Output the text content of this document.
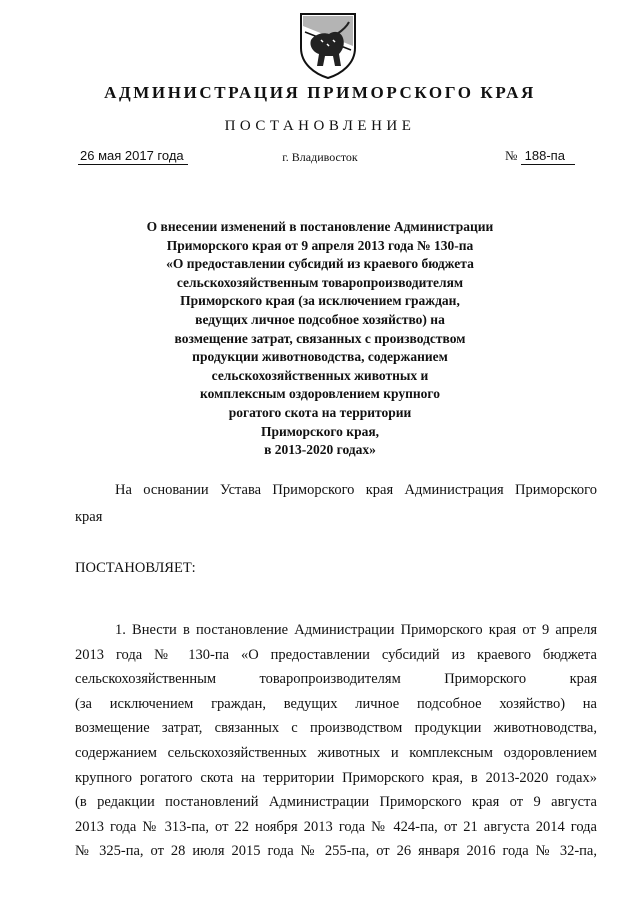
АДМИНИСТРАЦИЯ ПРИМОРСКОГО КРАЯ
ПОСТАНОВЛЕНИЕ
26 мая 2017 года	г. Владивосток	№ 188-па
О внесении изменений в постановление Администрации
Приморского края от 9 апреля 2013 года № 130-па
«О предоставлении субсидий из краевого бюджета
сельскохозяйственным товаропроизводителям
Приморского края (за исключением граждан,
ведущих личное подсобное хозяйство) на
возмещение затрат, связанных с производством
продукции животноводства, содержанием
сельскохозяйственных животных и
комплексным оздоровлением крупного
рогатого скота на территории
Приморского края,
в 2013-2020 годах»
На основании Устава Приморского края Администрация Приморского
края
ПОСТАНОВЛЯЕТ:
1. Внести в постановление Администрации Приморского края от 9 апреля
2013 года № 130-па «О предоставлении субсидий из краевого бюджета
сельскохозяйственным товаропроизводителям Приморского края
(за исключением граждан, ведущих личное подсобное хозяйство) на
возмещение затрат, связанных с производством продукции животноводства,
содержанием сельскохозяйственных животных и комплексным оздоровлением
крупного рогатого скота на территории Приморского края, в 2013-2020 годах»
(в редакции постановлений Администрации Приморского края от 9 августа
2013 года № 313-па, от 22 ноября 2013 года № 424-па, от 21 августа 2014 года
№ 325-па, от 28 июля 2015 года № 255-па, от 26 января 2016 года № 32-па,
